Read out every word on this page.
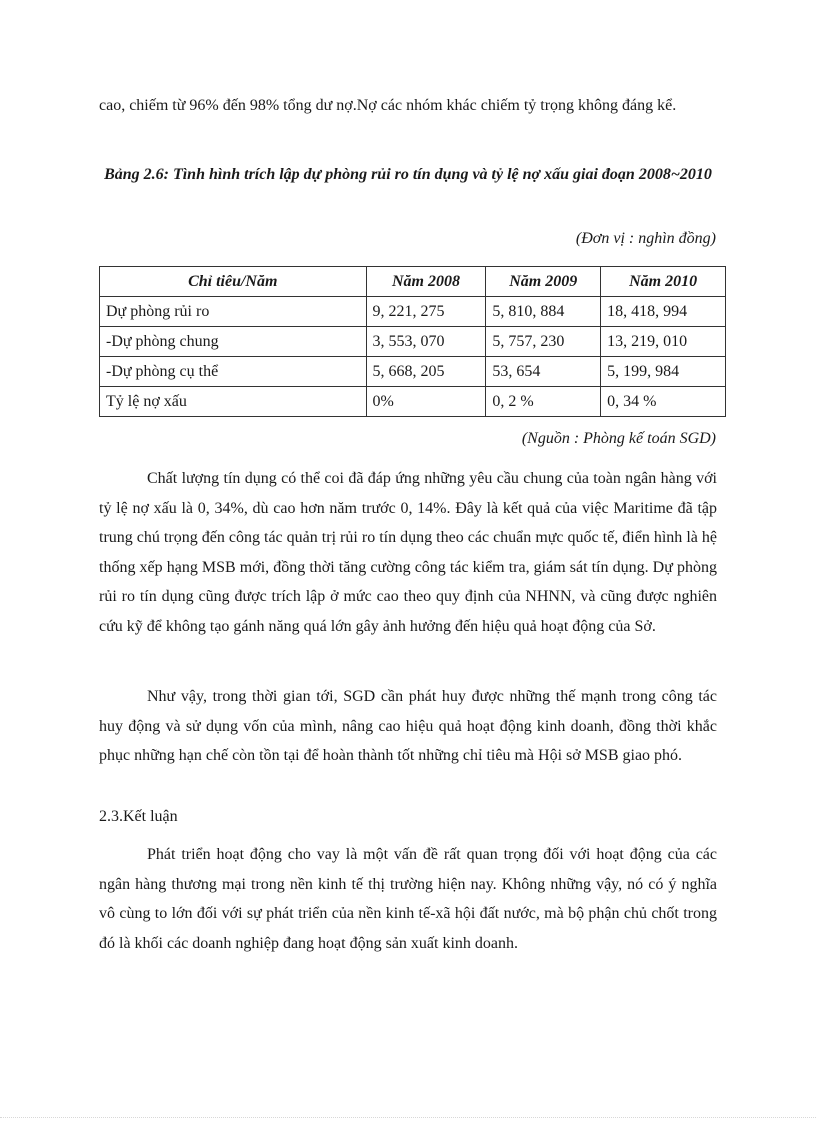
cao, chiếm từ 96% đến 98% tổng dư nợ.Nợ các nhóm khác chiếm tỷ trọng không đáng kể.

Bảng 2.6: Tình hình trích lập dự phòng rủi ro tín dụng và tỷ lệ nợ xấu giai đoạn 2008~2010

(Đơn vị : nghìn đồng)

Chỉ tiêu/Năm	Năm 2008	Năm 2009	Năm 2010
Dự phòng rủi ro	9, 221, 275	5, 810, 884	18, 418, 994
-Dự phòng chung	3, 553, 070	5, 757, 230	13, 219, 010
-Dự phòng cụ thể	5, 668, 205	53, 654	5, 199, 984
Tỷ lệ nợ xấu	0%	0, 2 %	0, 34 %

(Nguồn : Phòng kế toán SGD)

Chất lượng tín dụng có thể coi đã đáp ứng những yêu cầu chung của toàn ngân hàng với tỷ lệ nợ xấu là 0, 34%, dù cao hơn năm trước 0, 14%. Đây là kết quả của việc Maritime đã tập trung chú trọng đến công tác quản trị rủi ro tín dụng theo các chuẩn mực quốc tế, điển hình là hệ thống xếp hạng MSB mới, đồng thời tăng cường công tác kiểm tra, giám sát tín dụng. Dự phòng rủi ro tín dụng cũng được trích lập ở mức cao theo quy định của NHNN, và cũng được nghiên cứu kỹ để không tạo gánh năng quá lớn gây ảnh hưởng đến hiệu quả hoạt động của Sở.

Như vậy, trong thời gian tới, SGD cần phát huy được những thế mạnh trong công tác huy động và sử dụng vốn của mình, nâng cao hiệu quả hoạt động kinh doanh, đồng thời khắc phục những hạn chế còn tồn tại để hoàn thành tốt những chỉ tiêu mà Hội sở MSB giao phó.

2.3.Kết luận

Phát triển hoạt động cho vay là một vấn đề rất quan trọng đối với hoạt động của các ngân hàng thương mại trong nền kinh tế thị trường hiện nay. Không những vậy, nó có ý nghĩa vô cùng to lớn đối với sự phát triển của nền kinh tế-xã hội đất nước, mà bộ phận chủ chốt trong đó là khối các doanh nghiệp đang hoạt động sản xuất kinh doanh.
